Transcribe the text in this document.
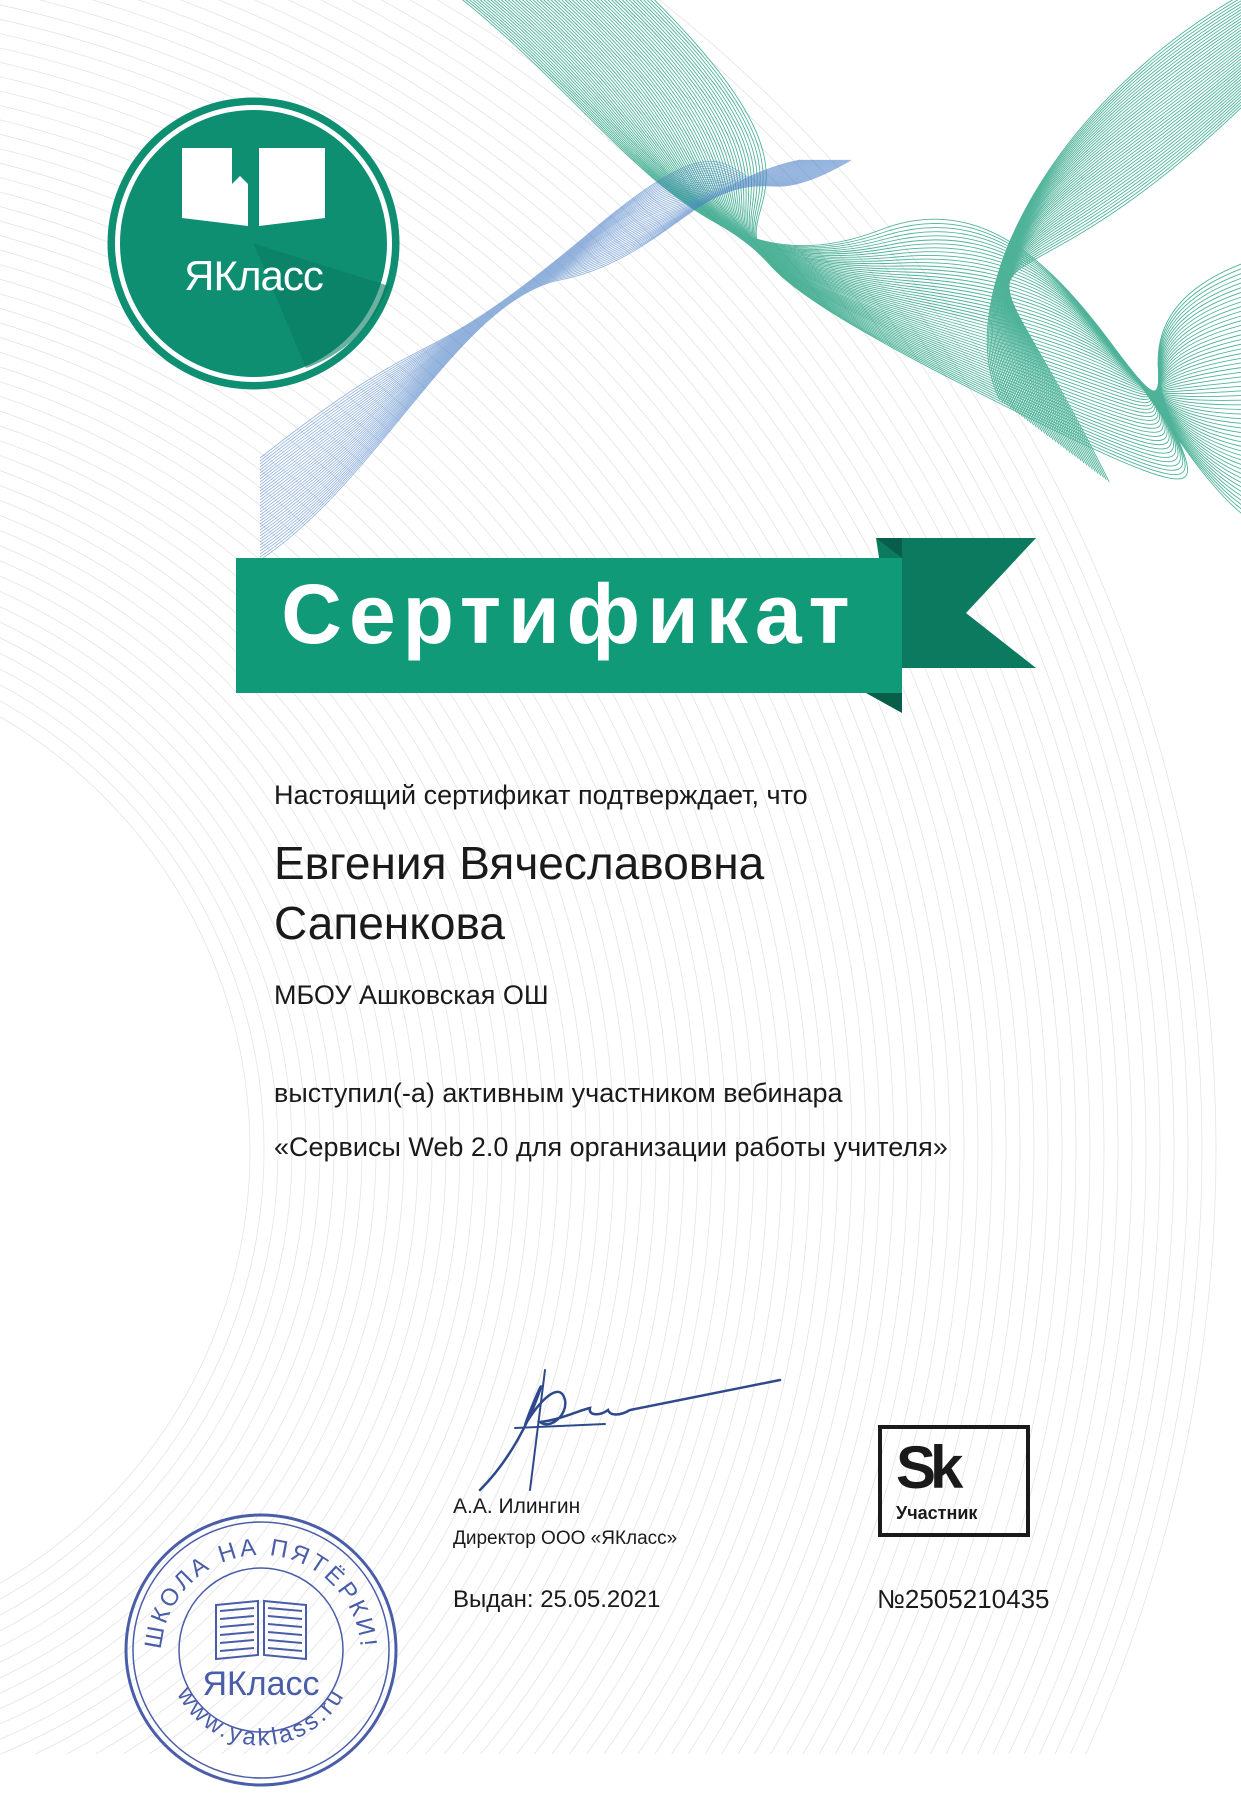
ЯКласс
Сертификат
Настоящий сертификат подтверждает, что
Евгения Вячеславовна Сапенкова
МБОУ Ашковская ОШ
выступил(-а) активным участником вебинара
«Сервисы Web 2.0 для организации работы учителя»
ШКОЛА НА ПЯТЁРКИ!
www.yaklass.ru
ЯКласс
А.А. Илингин
Директор ООО «ЯКласс»
Выдан: 25.05.2021
Sk
Участник
№2505210435
